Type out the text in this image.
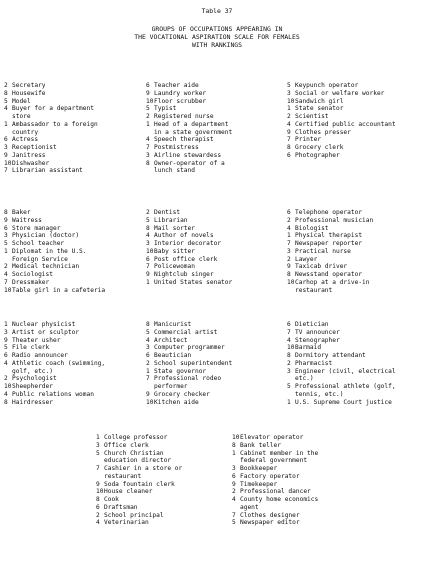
Table 37
GROUPS OF OCCUPATIONS APPEARING IN
THE VOCATIONAL ASPIRATION SCALE FOR FEMALES
WITH RANKINGS
2 Secretary
8 Housewife
5 Model
4 Buyer for a department
store
1 Ambassador to a foreign
country
6 Actress
3 Receptionist
9 Janitress
10Dishwasher
7 Librarian assistant
6 Teacher aide
9 Laundry worker
10Floor scrubber
5 Typist
2 Registered nurse
1 Head of a department
in a state government
4 Speech therapist
7 Postmistress
3 Airline stewardess
8 Owner-operator of a
lunch stand
5 Keypunch operator
3 Social or welfare worker
10Sandwich girl
1 State senator
2 Scientist
4 Certified public accountant
9 Clothes presser
7 Printer
8 Grocery clerk
6 Photographer
8 Baker
9 Waitress
6 Store manager
3 Physician (doctor)
5 School teacher
1 Diplomat in the U.S.
Foreign Service
2 Medical technician
4 Sociologist
7 Dressmaker
10Table girl in a cafeteria
2 Dentist
5 Librarian
8 Mail sorter
4 Author of novels
3 Interior decorator
10Baby sitter
6 Post office clerk
7 Policewoman
9 Nightclub singer
1 United States senator
6 Telephone operator
2 Professional musician
4 Biologist
1 Physical therapist
7 Newspaper reporter
3 Practical nurse
2 Lawyer
9 Taxicab driver
8 Newsstand operator
10Carhop at a drive-in
restaurant
1 Nuclear physicist
3 Artist or sculptor
9 Theater usher
5 File clerk
6 Radio announcer
4 Athletic coach (swimming,
golf, etc.)
2 Psychologist
10Sheepherder
4 Public relations woman
8 Hairdresser
8 Manicurist
5 Commercial artist
4 Architect
3 Computer programmer
6 Beautician
2 School superintendent
1 State governor
7 Professional rodeo
performer
9 Grocery checker
10Kitchen aide
6 Dietician
7 TV announcer
4 Stenographer
10Barmaid
8 Dormitory attendant
2 Pharmacist
3 Engineer (civil, electrical
etc.)
5 Professional athlete (golf,
tennis, etc.)
1 U.S. Supreme Court justice
1 College professor
3 Office clerk
5 Church Christian
education director
7 Cashier in a store or
restaurant
9 Soda fountain clerk
10House cleaner
8 Cook
6 Draftsman
2 School principal
4 Veterinarian
10Elevator operator
8 Bank teller
1 Cabinet member in the
federal government
3 Bookkeeper
6 Factory operator
9 Timekeeper
2 Professional dancer
4 County home economics
agent
7 Clothes designer
5 Newspaper editor
